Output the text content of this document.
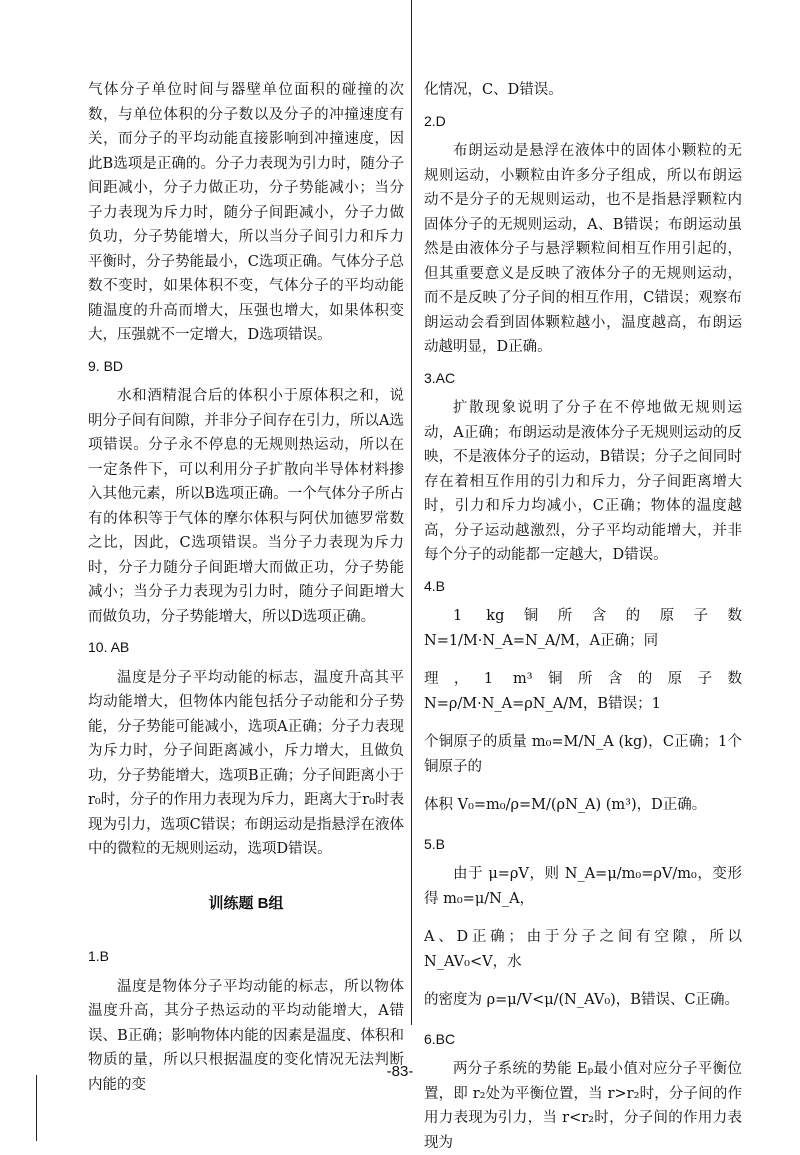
气体分子单位时间与器壁单位面积的碰撞的次数，与单位体积的分子数以及分子的冲撞速度有关，而分子的平均动能直接影响到冲撞速度，因此B选项是正确的。分子力表现为引力时，随分子间距减小，分子力做正功，分子势能减小；当分子力表现为斥力时，随分子间距减小，分子力做负功，分子势能增大，所以当分子间引力和斥力平衡时，分子势能最小，C选项正确。气体分子总数不变时，如果体积不变，气体分子的平均动能随温度的升高而增大，压强也增大，如果体积变大，压强就不一定增大，D选项错误。

9. BD

水和酒精混合后的体积小于原体积之和，说明分子间有间隙，并非分子间存在引力，所以A选项错误。分子永不停息的无规则热运动，所以在一定条件下，可以利用分子扩散向半导体材料掺入其他元素，所以B选项正确。一个气体分子所占有的体积等于气体的摩尔体积与阿伏加德罗常数之比，因此，C选项错误。当分子力表现为斥力时，分子力随分子间距增大而做正功，分子势能减小；当分子力表现为引力时，随分子间距增大而做负功，分子势能增大，所以D选项正确。

10. AB

温度是分子平均动能的标志，温度升高其平均动能增大，但物体内能包括分子动能和分子势能，分子势能可能减小，选项A正确；分子力表现为斥力时，分子间距离减小，斥力增大，且做负功，分子势能增大，选项B正确；分子间距离小于r₀时，分子的作用力表现为斥力，距离大于r₀时表现为引力，选项C错误；布朗运动是指悬浮在液体中的微粒的无规则运动，选项D错误。

训练题 B组
1.B

温度是物体分子平均动能的标志，所以物体温度升高，其分子热运动的平均动能增大，A错误、B正确；影响物体内能的因素是温度、体积和物质的量，所以只根据温度的变化情况无法判断内能的变

化情况，C、D错误。

2.D

布朗运动是悬浮在液体中的固体小颗粒的无规则运动，小颗粒由许多分子组成，所以布朗运动不是分子的无规则运动，也不是指悬浮颗粒内固体分子的无规则运动，A、B错误；布朗运动虽然是由液体分子与悬浮颗粒间相互作用引起的，但其重要意义是反映了液体分子的无规则运动，而不是反映了分子间的相互作用，C错误；观察布朗运动会看到固体颗粒越小，温度越高，布朗运动越明显，D正确。

3.AC

扩散现象说明了分子在不停地做无规则运动，A正确；布朗运动是液体分子无规则运动的反映，不是液体分子的运动，B错误；分子之间同时存在着相互作用的引力和斥力，分子间距离增大时，引力和斥力均减小，C正确；物体的温度越高，分子运动越激烈，分子平均动能增大，并非每个分子的动能都一定越大，D错误。

4.B

1 kg铜所含的原子数 N=1/M·N_A=N_A/M，A正确；同

理，1 m³铜所含的原子数 N=ρ/M·N_A=ρN_A/M，B错误；1

个铜原子的质量 m₀=M/N_A (kg)，C正确；1个铜原子的

体积 V₀=m₀/ρ=M/(ρN_A) (m³)，D正确。

5.B

由于 μ=ρV，则 N_A=μ/m₀=ρV/m₀，变形得 m₀=μ/N_A，

A、D正确；由于分子之间有空隙，所以 N_AV₀<V，水

的密度为 ρ=μ/V<μ/(N_AV₀)，B错误、C正确。

6.BC

两分子系统的势能 Eₚ最小值对应分子平衡位置，即 r₂处为平衡位置，当 r>r₂时，分子间的作用力表现为引力，当 r<r₂时，分子间的作用力表现为

-83-
